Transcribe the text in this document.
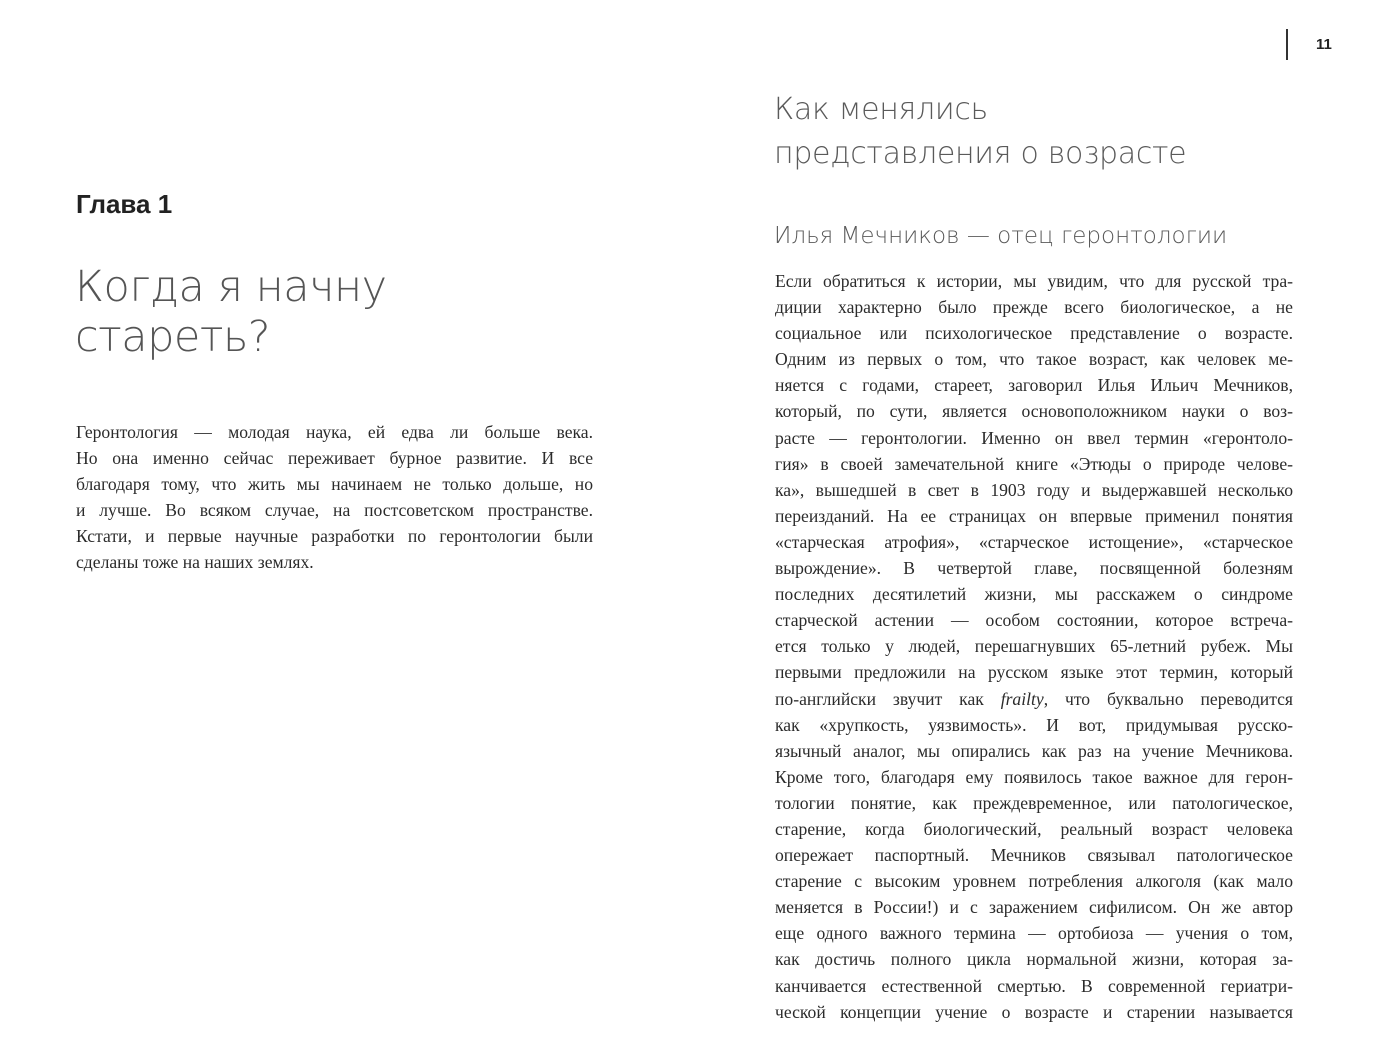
Глава 1
Когда я начну
стареть?
Геронтология — молодая наука, ей едва ли больше века.
Но она именно сейчас переживает бурное развитие. И все
благодаря тому, что жить мы начинаем не только дольше, но
и лучше. Во всяком случае, на постсоветском пространстве.
Кстати, и первые научные разработки по геронтологии были
сделаны тоже на наших землях.
11
Как менялись
представления о возрасте
Илья Мечников — отец геронтологии
Если обратиться к истории, мы увидим, что для русской тра-
диции характерно было прежде всего биологическое, а не
социальное или психологическое представление о возрасте.
Одним из первых о том, что такое возраст, как человек ме-
няется с годами, стареет, заговорил Илья Ильич Мечников,
который, по сути, является основоположником науки о воз-
расте — геронтологии. Именно он ввел термин «геронтоло-
гия» в своей замечательной книге «Этюды о природе челове-
ка», вышедшей в свет в 1903 году и выдержавшей несколько
переизданий. На ее страницах он впервые применил понятия
«старческая атрофия», «старческое истощение», «старческое
вырождение». В четвертой главе, посвященной болезням
последних десятилетий жизни, мы расскажем о синдроме
старческой астении — особом состоянии, которое встреча-
ется только у людей, перешагнувших 65-летний рубеж. Мы
первыми предложили на русском языке этот термин, который
по-английски звучит как frailty, что буквально переводится
как «хрупкость, уязвимость». И вот, придумывая русско-
язычный аналог, мы опирались как раз на учение Мечникова.
Кроме того, благодаря ему появилось такое важное для герон-
тологии понятие, как преждевременное, или патологическое,
старение, когда биологический, реальный возраст человека
опережает паспортный. Мечников связывал патологическое
старение с высоким уровнем потребления алкоголя (как мало
меняется в России!) и с заражением сифилисом. Он же автор
еще одного важного термина — ортобиоза — учения о том,
как достичь полного цикла нормальной жизни, которая за-
канчивается естественной смертью. В современной гериатри-
ческой концепции учение о возрасте и старении называется
